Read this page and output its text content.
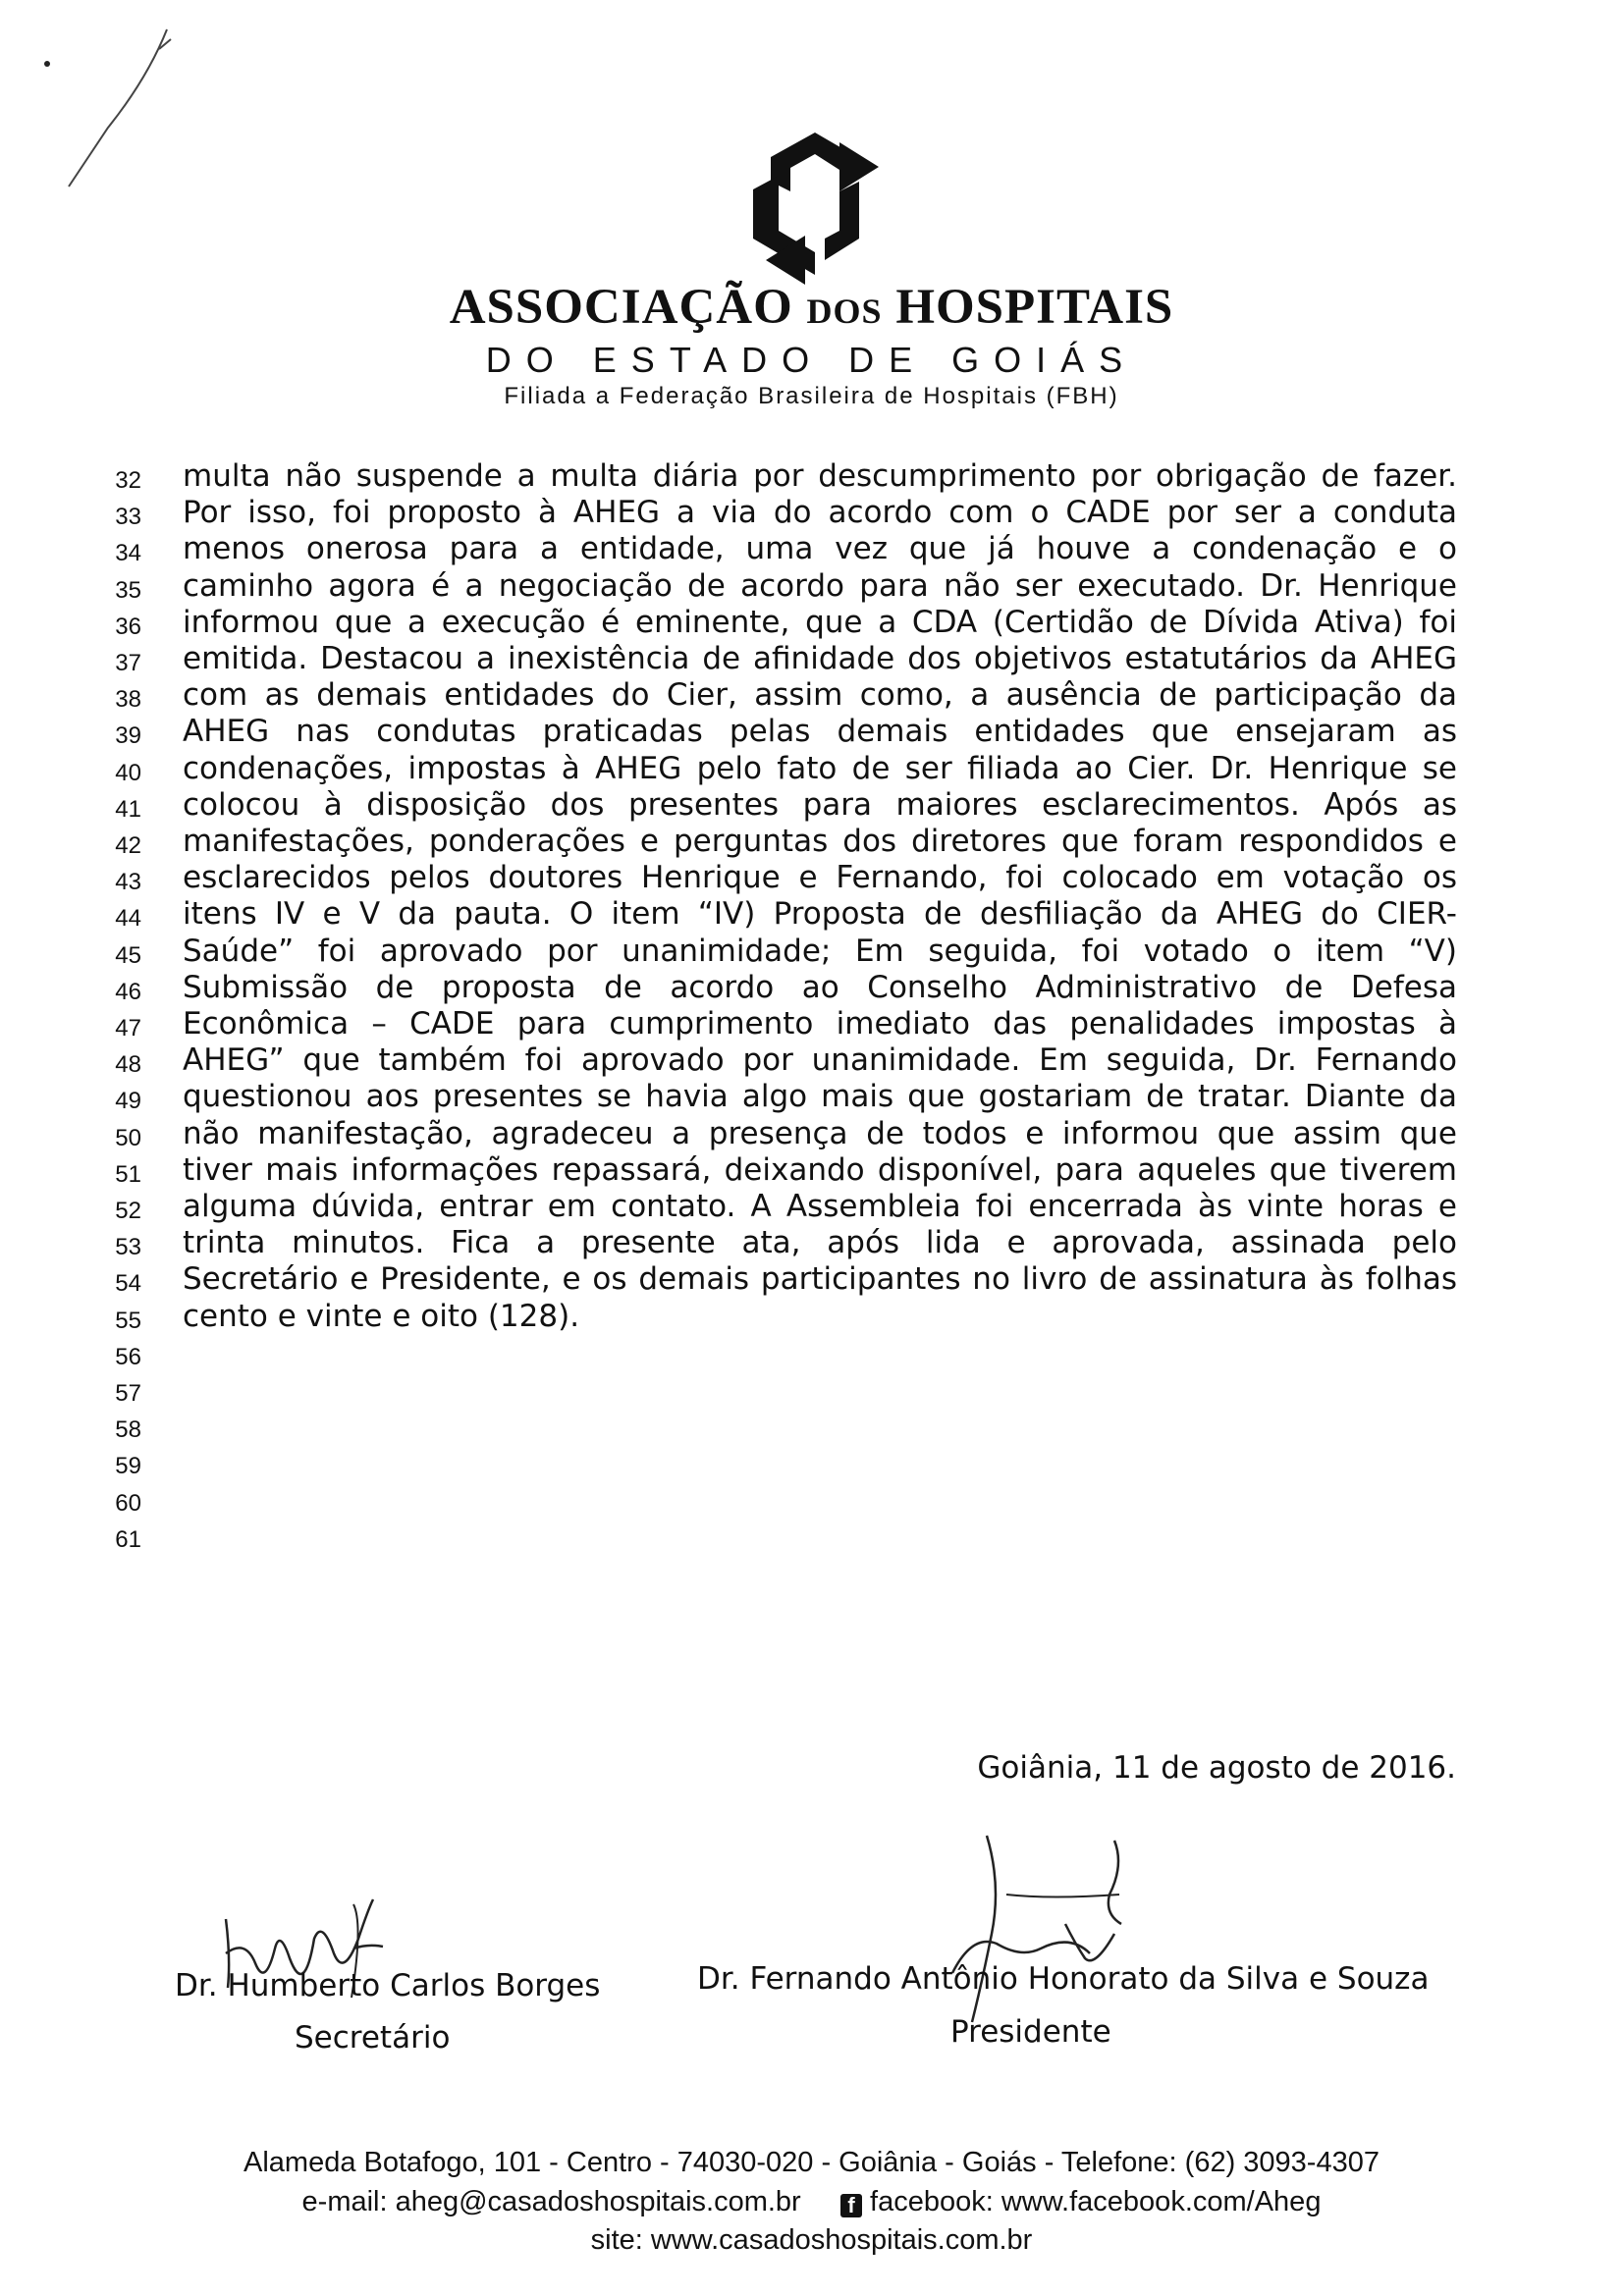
ASSOCIAÇÃO DOS HOSPITAIS
DO ESTADO DE GOIÁS
Filiada a Federação Brasileira de Hospitais (FBH)
32 multa não suspende a multa diária por descumprimento por obrigação de fazer.
33 Por isso, foi proposto à AHEG a via do acordo com o CADE por ser a conduta
34 menos onerosa para a entidade, uma vez que já houve a condenação e o
35 caminho agora é a negociação de acordo para não ser executado. Dr. Henrique
36 informou que a execução é eminente, que a CDA (Certidão de Dívida Ativa) foi
37 emitida. Destacou a inexistência de afinidade dos objetivos estatutários da AHEG
38 com as demais entidades do Cier, assim como, a ausência de participação da
39 AHEG nas condutas praticadas pelas demais entidades que ensejaram as
40 condenações, impostas à AHEG pelo fato de ser filiada ao Cier. Dr. Henrique se
41 colocou à disposição dos presentes para maiores esclarecimentos. Após as
42 manifestações, ponderações e perguntas dos diretores que foram respondidos e
43 esclarecidos pelos doutores Henrique e Fernando, foi colocado em votação os
44 itens IV e V da pauta. O item “IV) Proposta de desfiliação da AHEG do CIER-
45 Saúde” foi aprovado por unanimidade; Em seguida, foi votado o item “V)
46 Submissão de proposta de acordo ao Conselho Administrativo de Defesa
47 Econômica – CADE para cumprimento imediato das penalidades impostas à
48 AHEG” que também foi aprovado por unanimidade. Em seguida, Dr. Fernando
49 questionou aos presentes se havia algo mais que gostariam de tratar. Diante da
50 não manifestação, agradeceu a presença de todos e informou que assim que
51 tiver mais informações repassará, deixando disponível, para aqueles que tiverem
52 alguma dúvida, entrar em contato. A Assembleia foi encerrada às vinte horas e
53 trinta minutos. Fica a presente ata, após lida e aprovada, assinada pelo
54 Secretário e Presidente, e os demais participantes no livro de assinatura às folhas
55 cento e vinte e oito (128).
56
57
58
59
60
61
Goiânia, 11 de agosto de 2016.
Dr. Humberto Carlos Borges
Secretário
Dr. Fernando Antônio Honorato da Silva e Souza
Presidente
Alameda Botafogo, 101 - Centro - 74030-020 - Goiânia - Goiás - Telefone: (62) 3093-4307
e-mail: aheg@casadoshospitais.com.br f facebook: www.facebook.com/Aheg
site: www.casadoshospitais.com.br
